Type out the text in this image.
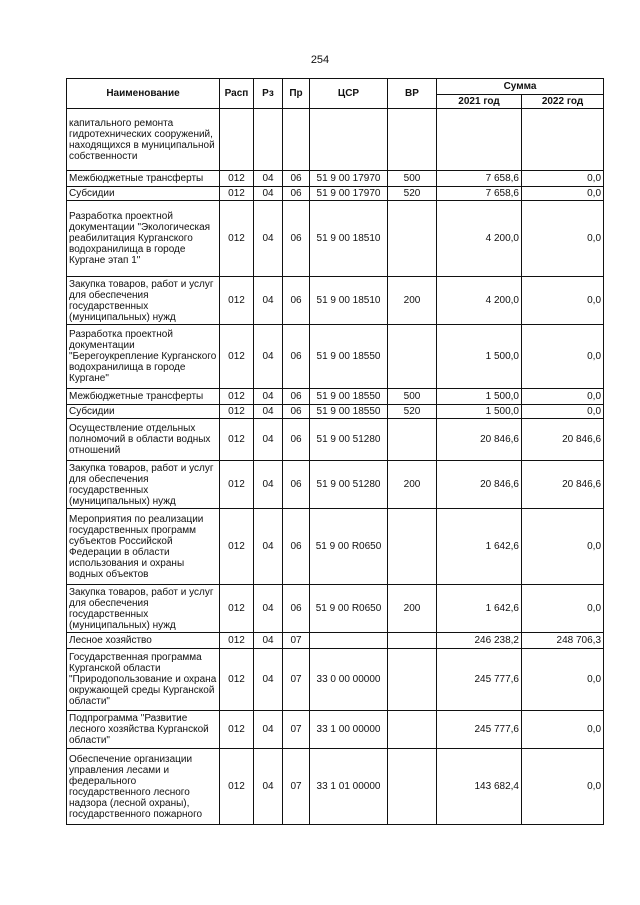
254
Наименование	Расп	Рз	Пр	ЦСР	ВР	Сумма	
						2021 год	2022 год
капитального ремонта гидротехнических сооружений, находящихся в муниципальной собственности							
Межбюджетные трансферты	012	04	06	51 9 00 17970	500	7 658,6	0,0
Субсидии	012	04	06	51 9 00 17970	520	7 658,6	0,0
Разработка проектной документации "Экологическая реабилитация Курганского водохранилища в городе Кургане этап 1"	012	04	06	51 9 00 18510		4 200,0	0,0
Закупка товаров, работ и услуг для обеспечения государственных (муниципальных) нужд	012	04	06	51 9 00 18510	200	4 200,0	0,0
Разработка проектной документации "Берегоукрепление Курганского водохранилища в городе Кургане"	012	04	06	51 9 00 18550		1 500,0	0,0
Межбюджетные трансферты	012	04	06	51 9 00 18550	500	1 500,0	0,0
Субсидии	012	04	06	51 9 00 18550	520	1 500,0	0,0
Осуществление отдельных полномочий в области водных отношений	012	04	06	51 9 00 51280		20 846,6	20 846,6
Закупка товаров, работ и услуг для обеспечения государственных (муниципальных) нужд	012	04	06	51 9 00 51280	200	20 846,6	20 846,6
Мероприятия по реализации государственных программ субъектов Российской Федерации в области использования и охраны водных объектов	012	04	06	51 9 00 R0650		1 642,6	0,0
Закупка товаров, работ и услуг для обеспечения государственных (муниципальных) нужд	012	04	06	51 9 00 R0650	200	1 642,6	0,0
Лесное хозяйство	012	04	07			246 238,2	248 706,3
Государственная программа Курганской области "Природопользование и охрана окружающей среды Курганской области"	012	04	07	33 0 00 00000		245 777,6	0,0
Подпрограмма "Развитие лесного хозяйства Курганской области"	012	04	07	33 1 00 00000		245 777,6	0,0
Обеспечение организации управления лесами и федерального государственного лесного надзора (лесной охраны), государственного пожарного	012	04	07	33 1 01 00000		143 682,4	0,0
